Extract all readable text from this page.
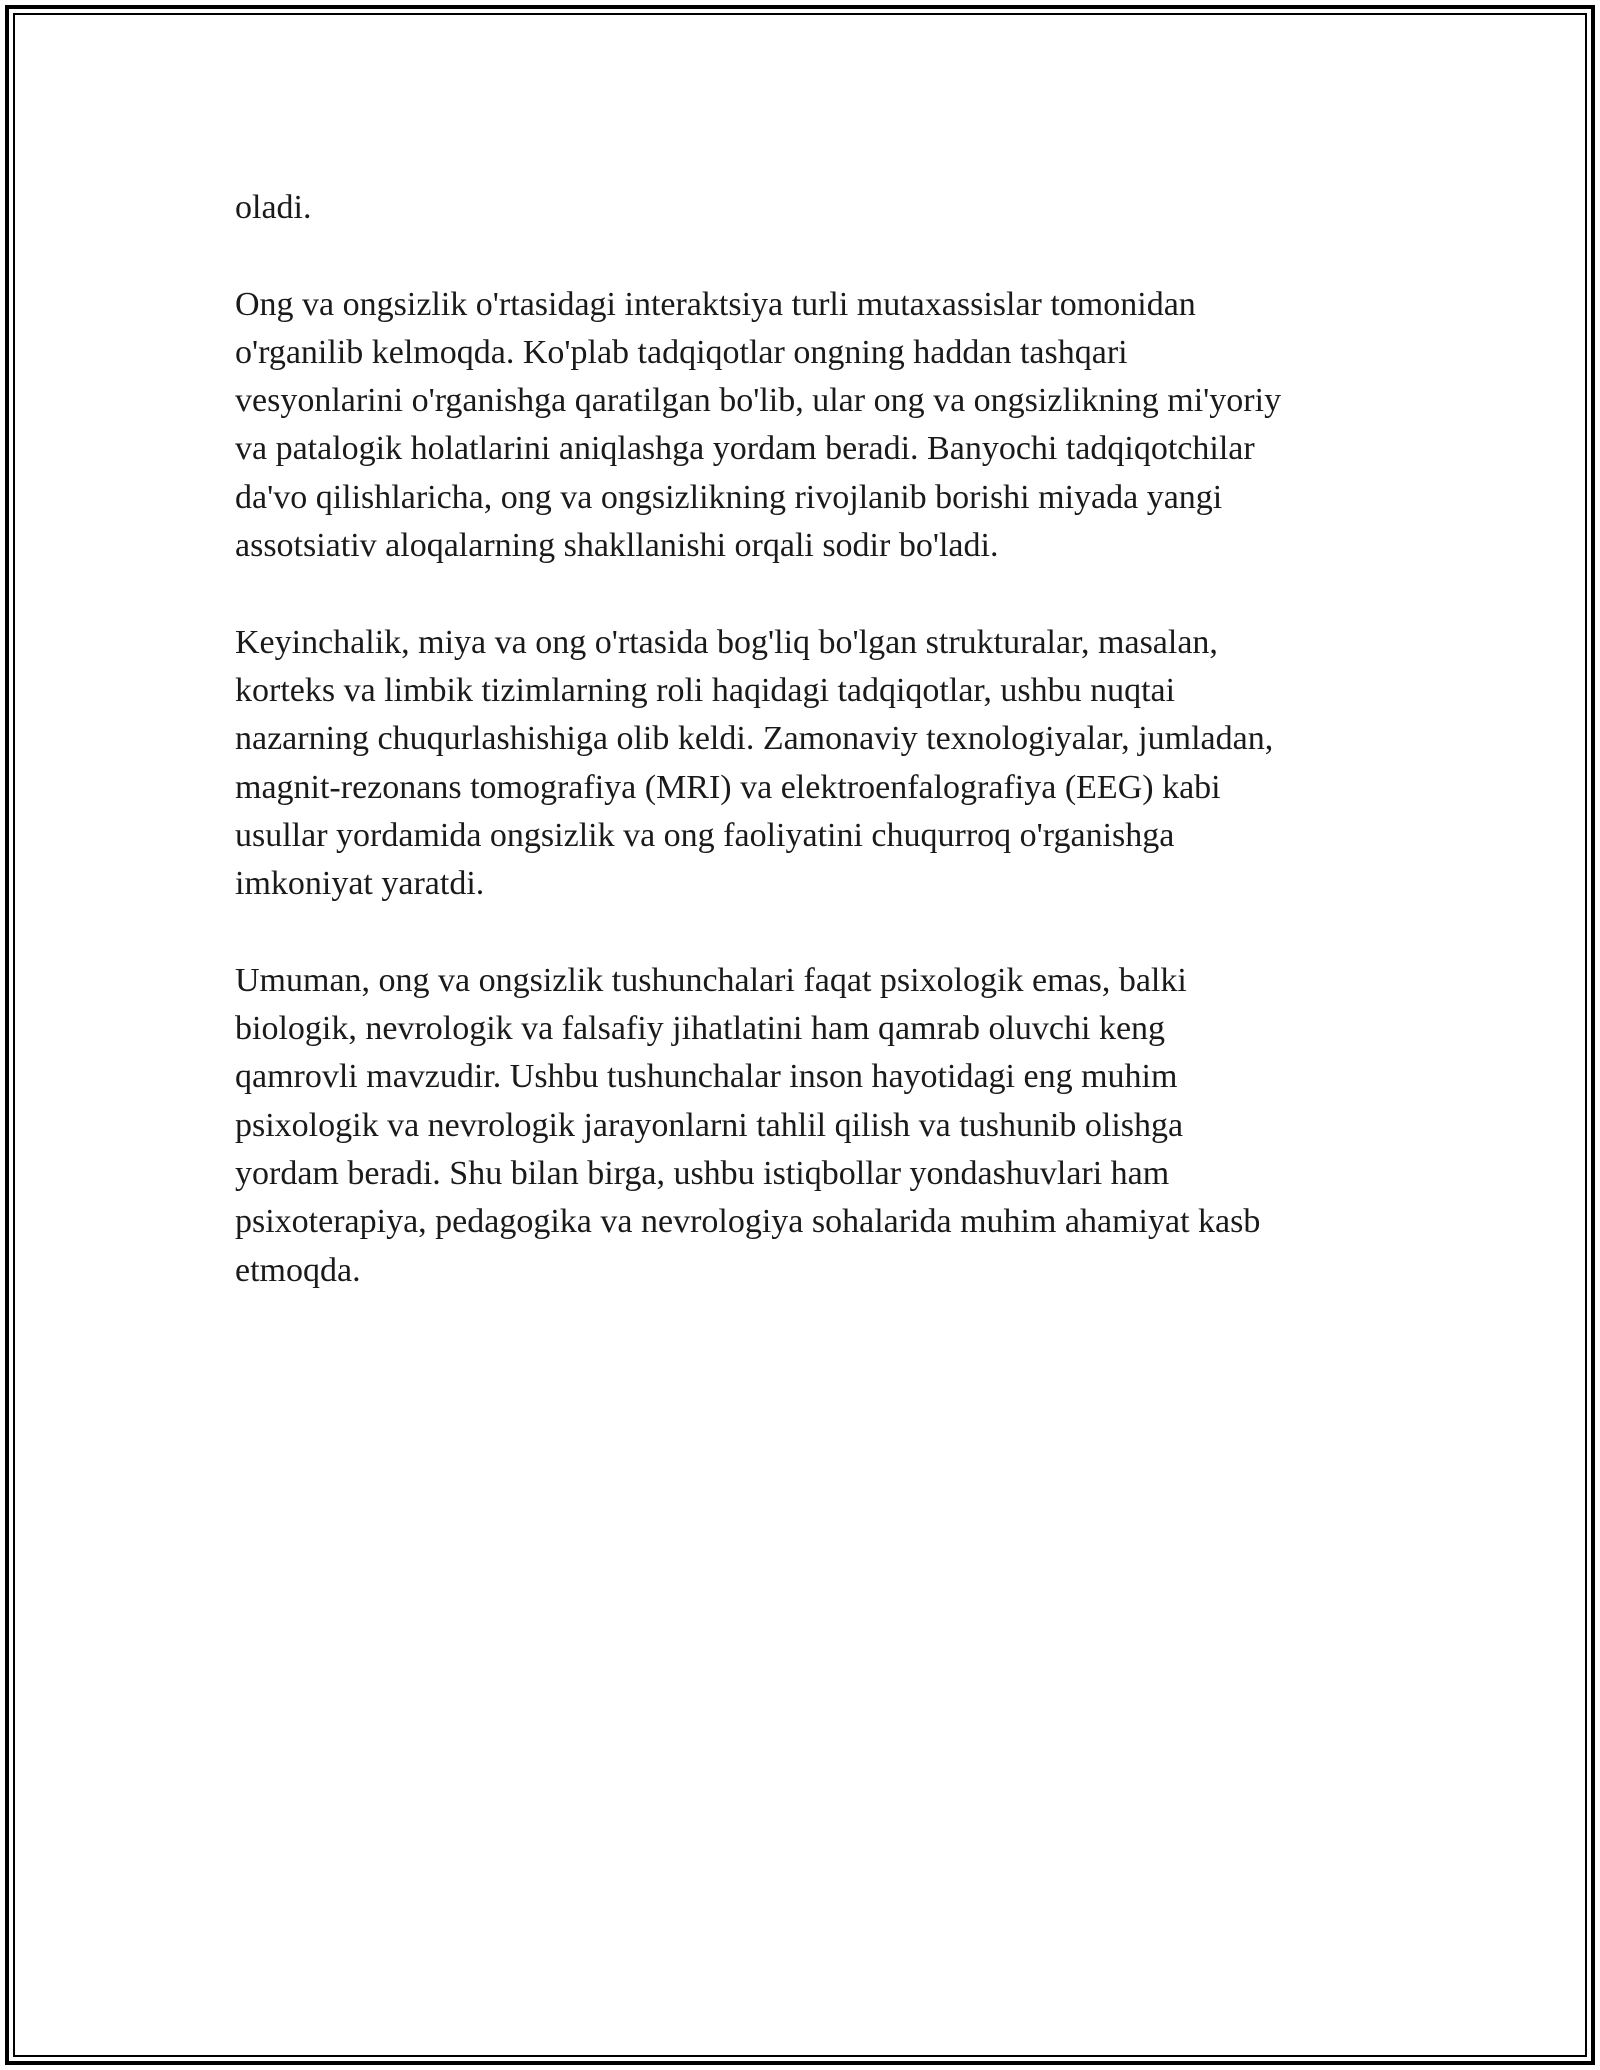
oladi.

Ong va ongsizlik o'rtasidagi interaktsiya turli mutaxassislar tomonidan
o'rganilib kelmoqda. Ko'plab tadqiqotlar ongning haddan tashqari
vesyonlarini o'rganishga qaratilgan bo'lib, ular ong va ongsizlikning mi'yoriy
va patalogik holatlarini aniqlashga yordam beradi. Banyochi tadqiqotchilar
da'vo qilishlaricha, ong va ongsizlikning rivojlanib borishi miyada yangi
assotsiativ aloqalarning shakllanishi orqali sodir bo'ladi.

Keyinchalik, miya va ong o'rtasida bog'liq bo'lgan strukturalar, masalan,
korteks va limbik tizimlarning roli haqidagi tadqiqotlar, ushbu nuqtai
nazarning chuqurlashishiga olib keldi. Zamonaviy texnologiyalar, jumladan,
magnit-rezonans tomografiya (MRI) va elektroenfalografiya (EEG) kabi
usullar yordamida ongsizlik va ong faoliyatini chuqurroq o'rganishga
imkoniyat yaratdi.

Umuman, ong va ongsizlik tushunchalari faqat psixologik emas, balki
biologik, nevrologik va falsafiy jihatlatini ham qamrab oluvchi keng
qamrovli mavzudir. Ushbu tushunchalar inson hayotidagi eng muhim
psixologik va nevrologik jarayonlarni tahlil qilish va tushunib olishga
yordam beradi. Shu bilan birga, ushbu istiqbollar yondashuvlari ham
psixoterapiya, pedagogika va nevrologiya sohalarida muhim ahamiyat kasb
etmoqda.
